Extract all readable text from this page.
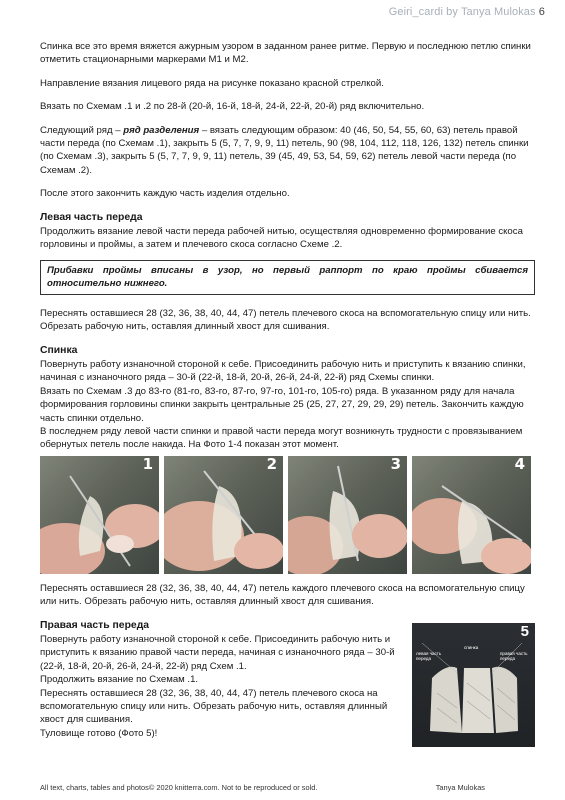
Geiri_cardi by Tanya Mulokas 6

Спинка все это время вяжется ажурным узором в заданном ранее ритме. Первую и последнюю петлю спинки отметить стационарными маркерами М1 и М2.

Направление вязания лицевого ряда на рисунке показано красной стрелкой.

Вязать по Схемам .1 и .2 по 28-й (20-й, 16-й, 18-й, 24-й, 22-й, 20-й) ряд включительно.

Следующий ряд – ряд разделения – вязать следующим образом: 40 (46, 50, 54, 55, 60, 63) петель правой части переда (по Схемам .1), закрыть 5 (5, 7, 7, 9, 9, 11) петель, 90 (98, 104, 112, 118, 126, 132) петель спинки (по Схемам .3), закрыть 5 (5, 7, 7, 9, 9, 11) петель, 39 (45, 49, 53, 54, 59, 62) петель левой части переда (по Схемам .2).

После этого закончить каждую часть изделия отдельно.

Левая часть переда

Продолжить вязание левой части переда рабочей нитью, осуществляя одновременно формирование скоса горловины и проймы, а затем и плечевого скоса согласно Схеме .2.

Прибавки проймы вписаны в узор, но первый раппорт по краю проймы сбивается относительно нижнего.

Переснять оставшиеся 28 (32, 36, 38, 40, 44, 47) петель плечевого скоса на вспомогательную спицу или нить. Обрезать рабочую нить, оставляя длинный хвост для сшивания.

Спинка

Повернуть работу изнаночной стороной к себе. Присоединить рабочую нить и приступить к вязанию спинки, начиная с изнаночного ряда – 30-й (22-й, 18-й, 20-й, 26-й, 24-й, 22-й) ряд Схемы спинки.

Вязать по Схемам .3 до 83-го (81-го, 83-го, 87-го, 97-го, 101-го, 105-го) ряда. В указанном ряду для начала формирования горловины спинки закрыть центральные 25 (25, 27, 27, 29, 29, 29) петель. Закончить каждую часть спинки отдельно.

В последнем ряду левой части спинки и правой части переда могут возникнуть трудности с провязыванием обернутых петель после накида. На Фото 1-4 показан этот момент.

1	2	3	4

Переснять оставшиеся 28 (32, 36, 38, 40, 44, 47) петель каждого плечевого скоса на вспомогательную спицу или нить. Обрезать рабочую нить, оставляя длинный хвост для сшивания.

Правая часть переда

Повернуть работу изнаночной стороной к себе. Присоединить рабочую нить и приступить к вязанию правой части переда, начиная с изнаночного ряда – 30-й (22-й, 18-й, 20-й, 26-й, 24-й, 22-й) ряд Схем .1.

Продолжить вязание по Схемам .1.

Переснять оставшиеся 28 (32, 36, 38, 40, 44, 47) петель плечевого скоса на вспомогательную спицу или нить. Обрезать рабочую нить, оставляя длинный хвост для сшивания.

Туловище готово (Фото 5)!

5
левая часть переда
спинка
правая часть переда
All text, charts, tables and photos© 2020 knitterra.com. Not to be reproduced or sold.	Tanya Mulokas
